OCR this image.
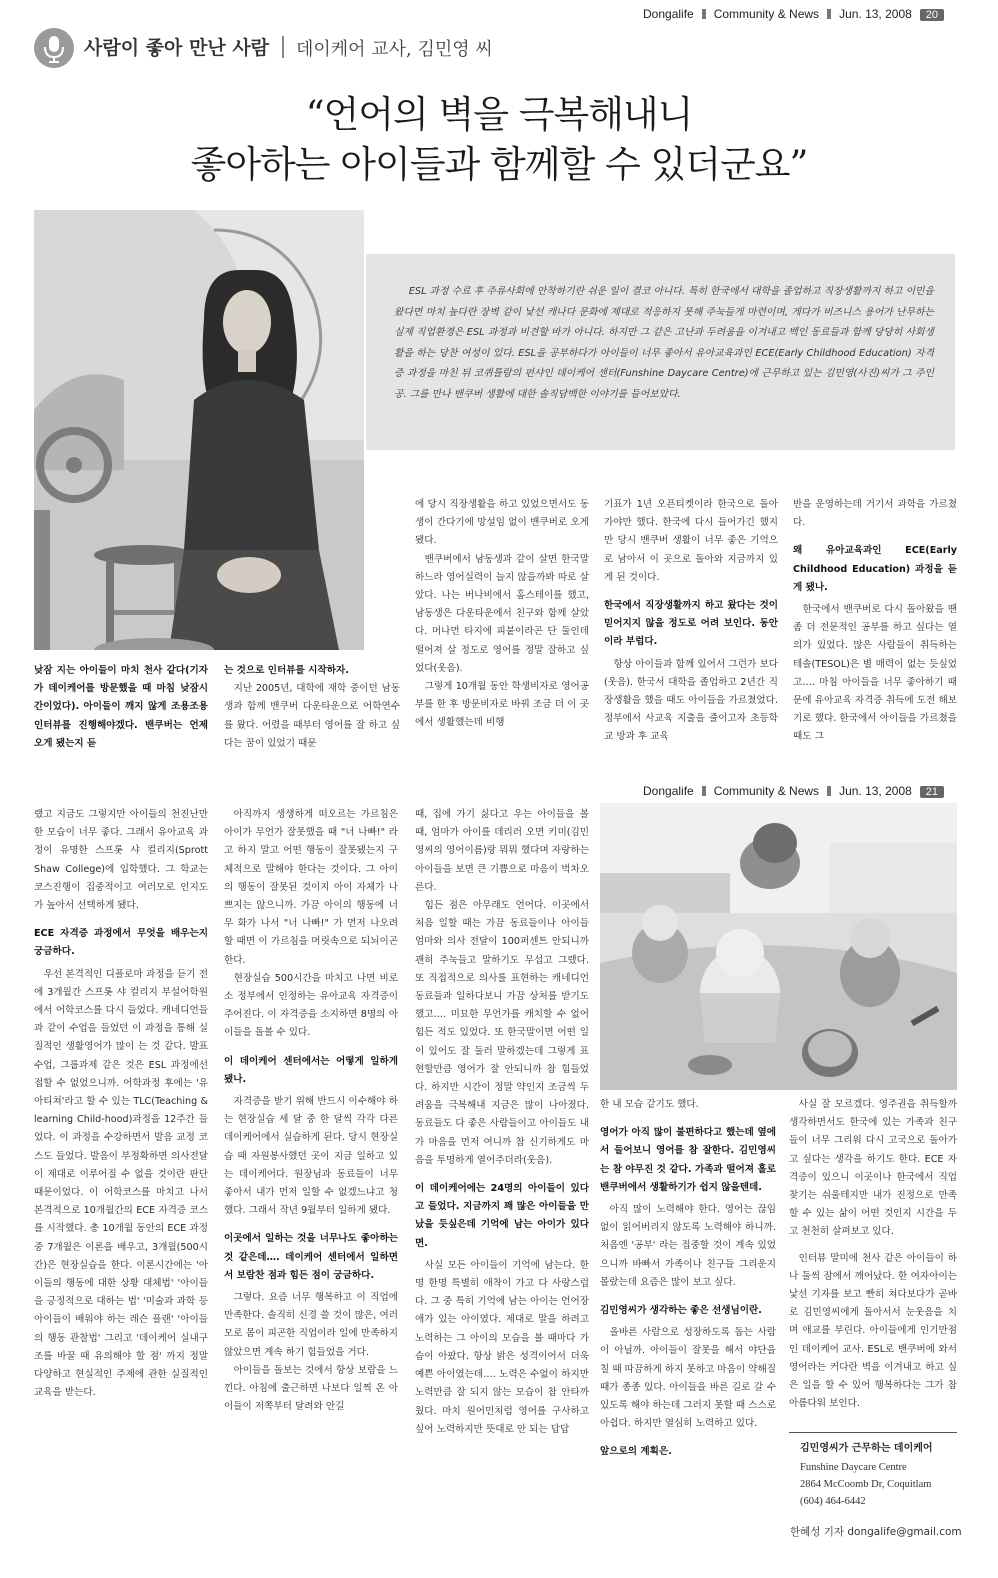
Dongalife Community & News Jun. 13, 2008 20
사람이 좋아 만난 사람 데이케어 교사, 김민영 씨
“언어의 벽을 극복해내니
좋아하는 아이들과 함께할 수 있더군요”
ESL 과정 수료 후 주류사회에 안착하기란 쉬운 일이 결코 아니다. 특히 한국에서 대학을 졸업하고 직장생활까지 하고 이민을 왔다면 마치 높다란 장벽 같이 낯선 캐나다 문화에 제대로 적응하지 못해 주눅들게 마련이며, 게다가 비즈니스 용어가 난무하는 실제 직업환경은 ESL 과정과 비견할 바가 아니다. 하지만 그 같은 고난과 두려움을 이겨내고 백인 동료들과 함께 당당히 사회생활을 하는 당찬 여성이 있다. ESL을 공부하다가 아이들이 너무 좋아서 유아교육과인 ECE(Early Childhood Education) 자격증 과정을 마친 뒤 코퀴틀람의 펀샤인 데이케어 센터(Funshine Daycare Centre)에 근무하고 있는 김민영(사진)씨가 그 주인공. 그를 만나 밴쿠버 생활에 대한 솔직담백한 이야기를 들어보았다.

낮잠 지는 아이들이 마치 천사 같다(기자가 데이케어를 방문했을 때 마침 낮잠시간이었다). 아이들이 깨지 않게 조용조용 인터뷰를 진행해야겠다. 밴쿠버는 언제 오게 됐는지 듣

는 것으로 인터뷰를 시작하자.

지난 2005년, 대학에 재학 중이던 남동생과 함께 밴쿠버 다운타운으로 어학연수를 왔다. 어렸을 때부터 영어를 잘 하고 싶다는 꿈이 있었기 때문

에 당시 직장생활을 하고 있었으면서도 동생이 간다기에 망설임 없이 밴쿠버로 오게 됐다.

밴쿠버에서 남동생과 같이 살면 한국말 하느라 영어실력이 늘지 않을까봐 따로 살았다. 나는 버나비에서 홈스테이를 했고, 남동생은 다운타운에서 친구와 함께 살았다. 머나먼 타지에 피붙이라곤 단 둘인데 떨어져 살 정도로 영어를 정말 잘하고 싶었다(웃음).

그렇게 10개월 동안 학생비자로 영어공부를 한 후 방문비자로 바꿔 조금 더 이 곳에서 생활했는데 비행

기표가 1년 오픈티켓이라 한국으로 돌아가야만 했다. 한국에 다시 들어가긴 했지만 당시 밴쿠버 생활이 너무 좋은 기억으로 남아서 이 곳으로 돌아와 지금까지 있게 된 것이다.

한국에서 직장생활까지 하고 왔다는 것이 믿어지지 않을 정도로 어려 보인다. 동안이라 부럽다.

항상 아이들과 함께 있어서 그런가 보다(웃음). 한국서 대학을 졸업하고 2년간 직장생활을 했을 때도 아이들을 가르쳤었다. 정부에서 사교육 지출을 줄이고자 초등학교 방과 후 교육

반을 운영하는데 거기서 과학을 가르쳤다.

왜 유아교육과인 ECE(Early Childhood Education) 과정을 듣게 됐나.

한국에서 밴쿠버로 다시 돌아왔을 땐 좀 더 전문적인 공부를 하고 싶다는 열의가 있었다. 많은 사람들이 취득하는 테솔(TESOL)은 별 매력이 없는 듯싶었고…. 마침 아이들을 너무 좋아하기 때문에 유아교육 자격증 취득에 도전 해보기로 했다. 한국에서 아이들을 가르쳤을 때도 그

Dongalife Community & News Jun. 13, 2008 21

랬고 지금도 그렇지만 아이들의 천진난만한 모습이 너무 좋다. 그래서 유아교육 과정이 유명한 스프롯 샤 컬리지(Sprott Shaw College)에 입학했다. 그 학교는 코스진행이 집중적이고 여러모로 인지도가 높아서 선택하게 됐다.

ECE 자격증 과정에서 무엇을 배우는지 궁금하다.

우선 본격적인 디플로마 과정을 듣기 전에 3개월간 스프롯 샤 컬리지 부설어학원에서 어학코스를 다시 들었다. 캐네디언들과 같이 수업을 들었던 이 과정을 통해 실질적인 생활영어가 많이 는 것 같다. 발표수업, 그룹과제 같은 것은 ESL 과정에선 접할 수 없었으니까. 어학과정 후에는 '유아티쳐'라고 할 수 있는 TLC(Teaching & learning Child-hood)과정을 12주간 들었다. 이 과정을 수강하면서 발음 교정 코스도 들었다. 발음이 부정확하면 의사전달이 제대로 이루어질 수 없을 것이란 판단 때문이었다. 이 어학코스를 마치고 나서 본격적으로 10개월간의 ECE 자격증 코스를 시작했다. 총 10개월 동안의 ECE 과정 중 7개월은 이론을 배우고, 3개월(500시간)은 현장실습을 한다. 이론시간에는 '아이들의 행동에 대한 상황 대체법' '아이들을 긍정적으로 대하는 법' '미술과 과학 등 아이들이 배워야 하는 레슨 플랜' '아이들의 행동 관찰법' 그리고 '데이케어 실내구조를 바꿀 때 유의해야 할 점' 까지 정말 다양하고 현실적인 주제에 관한 실질적인 교육을 받는다.

아직까지 생생하게 떠오르는 가르침은 아이가 무언가 잘못했을 때 "너 나빠!" 라고 하지 말고 어떤 행동이 잘못됐는지 구체적으로 말해야 한다는 것이다. 그 아이의 행동이 잘못된 것이지 아이 자체가 나쁘지는 않으니까. 가끔 아이의 행동에 너무 화가 나서 "너 나빠!" 가 먼저 나오려 할 때면 이 가르침을 머릿속으로 되뇌이곤 한다.

현장실습 500시간을 마치고 나면 비로소 정부에서 인정하는 유아교육 자격증이 주어진다. 이 자격증을 소지하면 8명의 아이들을 돌볼 수 있다.

이 데이케어 센터에서는 어떻게 일하게 됐나.

자격증을 받기 위해 반드시 이수해야 하는 현장실습 세 달 중 한 달씩 각각 다른 데이케어에서 실습하게 된다. 당시 현장실습 때 자원봉사했던 곳이 지금 일하고 있는 데이케어다. 원장님과 동료들이 너무 좋아서 내가 먼저 일할 수 없겠느냐고 청했다. 그래서 작년 9월부터 일하게 됐다.

이곳에서 일하는 것을 너무나도 좋아하는 것 같은데…. 데이케어 센터에서 일하면서 보람찬 점과 힘든 점이 궁금하다.

그렇다. 요즘 너무 행복하고 이 직업에 만족한다. 솔직히 신경 쓸 것이 많은, 여러모로 몸이 피곤한 직업이라 일에 만족하지 않았으면 계속 하기 힘들었을 거다.

아이들을 돌보는 것에서 항상 보람을 느낀다. 아침에 출근하면 나보다 일찍 온 아이들이 저쪽부터 달려와 안길

때, 집에 가기 싫다고 우는 아이들을 볼 때, 엄마가 아이를 데리러 오면 키미(김민영씨의 영어이름)랑 뭐뭐 했다며 자랑하는 아이들을 보면 큰 기쁨으로 마음이 벅차오른다.

힘든 점은 아무래도 언어다. 이곳에서 처음 일할 때는 가끔 동료들이나 아이들 엄마와 의사 전달이 100퍼센트 안되니까 괜히 주눅들고 말하기도 무섭고 그랬다. 또 직접적으로 의사를 표현하는 캐네디언 동료들과 일하다보니 가끔 상처를 받기도 했고…. 미묘한 무언가를 캐치할 수 없어 힘든 적도 있었다. 또 한국말이면 어떤 일이 있어도 잘 둘러 말하겠는데 그렇게 표현할만큼 영어가 잘 안되니까 참 힘들었다. 하지만 시간이 정말 약인지 조금씩 두려움을 극복해내 지금은 많이 나아졌다. 동료들도 다 좋은 사람들이고 아이들도 내가 마음을 먼저 여니까 참 신기하게도 마음을 투명하게 열어주더라(웃음).

이 데이케어에는 24명의 아이들이 있다고 들었다. 지금까지 꽤 많은 아이들을 만났을 듯싶은데 기억에 남는 아이가 있다면.

사실 모든 아이들이 기억에 남는다. 한명 한명 특별히 애착이 가고 다 사랑스럽다. 그 중 특히 기억에 남는 아이는 언어장애가 있는 아이였다. 제대로 말을 하려고 노력하는 그 아이의 모습을 볼 때마다 가슴이 아팠다. 항상 밝은 성격이어서 더욱 예쁜 아이였는데…. 노력은 수없이 하지만 노력만큼 잘 되지 않는 모습이 참 안타까웠다. 마치 원어민처럼 영어를 구사하고 싶어 노력하지만 뜻대로 안 되는 답답

한 내 모습 같기도 했다.

영어가 아직 많이 불편하다고 했는데 옆에서 들어보니 영어를 참 잘한다. 김민영씨는 참 야무진 것 같다. 가족과 떨어져 홀로 밴쿠버에서 생활하기가 쉽지 않을텐데.

아직 많이 노력해야 한다. 영어는 끊임없이 읽어버리지 않도록 노력해야 하니까. 처음엔 '공부' 라는 집중할 것이 계속 있었으니까 바빠서 가족이나 친구들 그리운지 몰랐는데 요즘은 많이 보고 싶다.

김민영씨가 생각하는 좋은 선생님이란.

올바른 사람으로 성장하도록 돕는 사람이 아닐까. 아이들이 잘못을 해서 야단을 칠 때 따끔하게 하지 못하고 마음이 약해질 때가 종종 있다. 아이들을 바른 길로 갈 수 있도록 해야 하는데 그러지 못할 때 스스로 아쉽다. 하지만 열심히 노력하고 있다.

앞으로의 계획은.

사실 잘 모르겠다. 영주권을 취득할까 생각하면서도 한국에 있는 가족과 친구들이 너무 그리워 다시 고국으로 돌아가고 싶다는 생각을 하기도 한다. ECE 자격증이 있으니 이곳이나 한국에서 직업찾기는 쉬울테지만 내가 진정으로 만족할 수 있는 삶이 어떤 것인지 시간을 두고 천천히 살펴보고 있다.

인터뷰 말미에 천사 같은 아이들이 하나 둘씩 잠에서 깨어났다. 한 여자아이는 낯선 기자를 보고 빤히 쳐다보다가 곧바로 김민영씨에게 돌아서서 눈웃음을 치며 애교를 부린다. 아이들에게 인기만점인 데이케어 교사. ESL로 밴쿠버에 와서 영어라는 커다란 벽을 이겨내고 하고 싶은 일을 할 수 있어 행복하다는 그가 참 아름다워 보인다.

김민영씨가 근무하는 데이케어
Funshine Daycare Centre
2864 McCoomb Dr, Coquitlam
(604) 464-6442
한혜성 기자 dongalife@gmail.com
